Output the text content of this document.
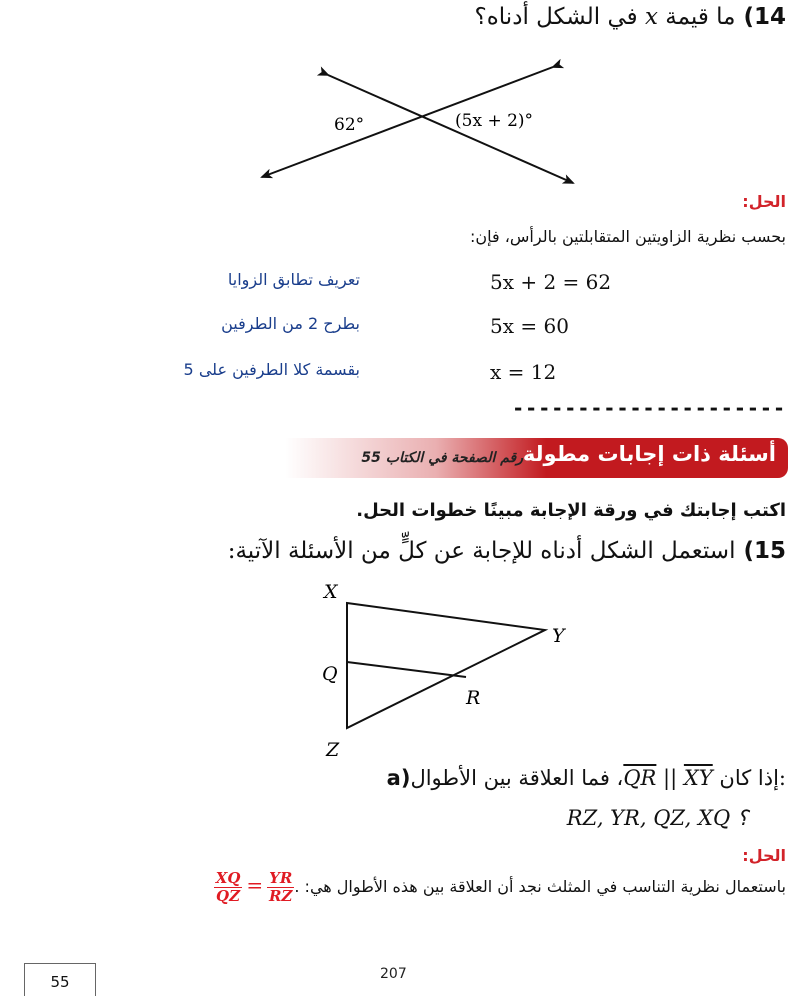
14)ما قيمة x في الشكل أدناه؟
62°	(5x + 2)°
الحل:
بحسب نظرية الزاويتين المتقابلتين بالرأس، فإن:
5x + 2 = 62
تعريف تطابق الزوايا
5x = 60
بطرح 2 من الطرفين
x = 12
بقسمة كلا الطرفين على 5
---------------------
أسئلة ذات إجابات مطولة
رقم الصفحة في الكتاب 55
اكتب إجابتك في ورقة الإجابة مبينًا خطوات الحل.
15)استعمل الشكل أدناه للإجابة عن كلٍّ من الأسئلة الآتية:
X
Y
Q
R
Z
a)	إذا كان $\overline{QR}$ || $\overline{XY}،$ فما العلاقة بين الأطوال:
؟ RZ, YR, QZ, XQ
الحل:
باستعمال نظرية التناسب في المثلث نجد أن العلاقة بين هذه الأطوال هي:
$\frac{XQ}{QZ} = \frac{YR}{RZ}$ .
207
55
